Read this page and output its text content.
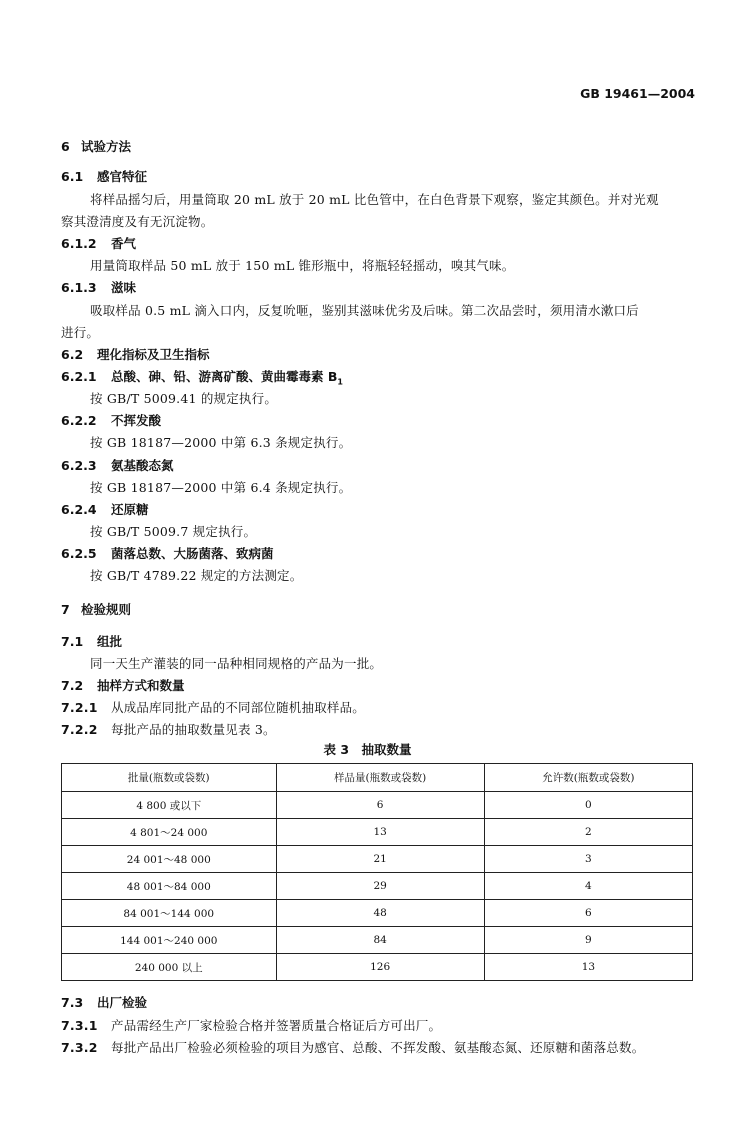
GB 19461—2004
6 试验方法
6.1 感官特征
将样品摇匀后，用量筒取 20 mL 放于 20 mL 比色管中，在白色背景下观察，鉴定其颜色。并对光观
察其澄清度及有无沉淀物。
6.1.2 香气
用量筒取样品 50 mL 放于 150 mL 锥形瓶中，将瓶轻轻摇动，嗅其气味。
6.1.3 滋味
吸取样品 0.5 mL 滴入口内，反复吮咂，鉴别其滋味优劣及后味。第二次品尝时，须用清水漱口后
进行。
6.2 理化指标及卫生指标
6.2.1 总酸、砷、铅、游离矿酸、黄曲霉毒素 $B_1$
按 GB/T 5009.41 的规定执行。
6.2.2 不挥发酸
按 GB 18187—2000 中第 6.3 条规定执行。
6.2.3 氨基酸态氮
按 GB 18187—2000 中第 6.4 条规定执行。
6.2.4 还原糖
按 GB/T 5009.7 规定执行。
6.2.5 菌落总数、大肠菌落、致病菌
按 GB/T 4789.22 规定的方法测定。
7 检验规则
7.1 组批
同一天生产灌装的同一品种相同规格的产品为一批。
7.2 抽样方式和数量
7.2.1 从成品库同批产品的不同部位随机抽取样品。
7.2.2 每批产品的抽取数量见表 3。
表 3　抽取数量
批量(瓶数或袋数)	样品量(瓶数或袋数)	允许数(瓶数或袋数)
4 800 或以下	6	0
4 801～24 000	13	2
24 001～48 000	21	3
48 001～84 000	29	4
84 001～144 000	48	6
144 001～240 000	84	9
240 000 以上	126	13
7.3 出厂检验
7.3.1 产品需经生产厂家检验合格并签署质量合格证后方可出厂。
7.3.2 每批产品出厂检验必须检验的项目为感官、总酸、不挥发酸、氨基酸态氮、还原糖和菌落总数。
